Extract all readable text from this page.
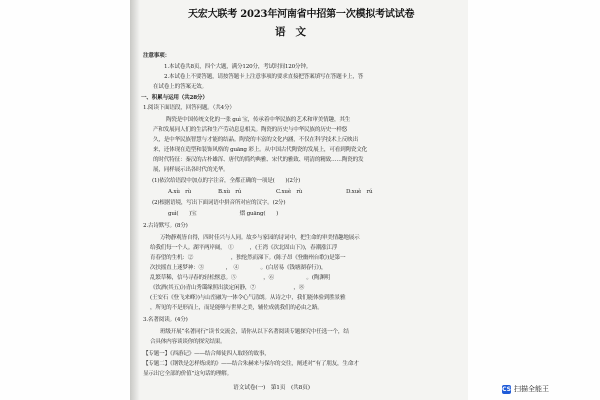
天宏大联考 2023年河南省中招第一次模拟考试试卷
语文
注意事项：
1.本试卷共8页，四个大题，满分120分，考试时间120分钟。
2.本试卷上不要答题，请按答题卡上注意事项的要求直接把答案填写在答题卡上，答
在试卷上的答案无效。
一、积累与运用（共28分）
1.阅读下面语段，回答问题。（共4分）
陶瓷是中国传统文化的一张 guì 宝，传承着中华民族的艺术和审美情趣，其生
产和发展同人们的生活和生产劳动息息相关。陶瓷的历史与中华民族的历史一样悠
久，是中华民族智慧与才能的结晶。陶瓷的丰富的文化内涵，不仅在科学技术上反映出
来，还体现在造型和装饰风格的 guāng 彩上。从中国古代陶瓷的发展上，可看到陶瓷文化
的时代特征：秦汉的古朴雄浑、唐代的简约典雅、宋代的雅致、明清的精致……陶瓷的发
展，同样展示出各时代的光华。
(1)依次给语段中加点的字注音，全都正确的一项是(　　)(2分)
A.xù　rù	B.xù　rú	C.xuè　rù	D.xuè　rú
(2)根据语境，写出下面词语中拼音所对应的汉字。(2分)
guì(　　)宝　　　　　　　　熠 guāng(　　)
2.古诗默写。(8分)
万物静观皆自得，四时佳兴与人同。故乡与家园的诗词中，把生命的审美情趣地展示
给我们每一个人。湖平两岸阔，　①　　　，(王湾《次北固山下》)，春潮涨江浮
育春望的生机：②　　　　　　　，独怆然而涕下。(陈子昂《登幽州台歌》)是第一
次扶摇直上迷梦神：③　　　　，　④　　　　。(白居易《钱塘湖春行》)，
乱繁草稀，信马寻春的轻松惬意。⑤　　　　　，⑥　　　　　　。(陶渊明
《饮酒(其五)》)青山秀霭缘照出淡定闲静，⑦　　　　　　　，⑧
(王安石《登飞来峰》)与山峦融为一体令心气清朗。从诗之中，我们能体验到胜景雅
，所见的不是形而上，而是能够与世界之美，辅佐成就我们的必由之路。
3.名著阅读。(4分)
班级开展“名著同行”读书交流会，请你从以下名著阅读专题探究中任选一个，结
合具体内容谈谈你的探究结果。
【专题一】《西游记》——结合师徒四人取经的故事，
【专题二】《钢铁是怎样炼成的》——结合朱赫来与保尔的交往，阐述对“有了朋友，生命才
显示出它全部的价值”这句话的理解。
语文试卷(一)　第1页　(共8页)	CS 扫描全能王
